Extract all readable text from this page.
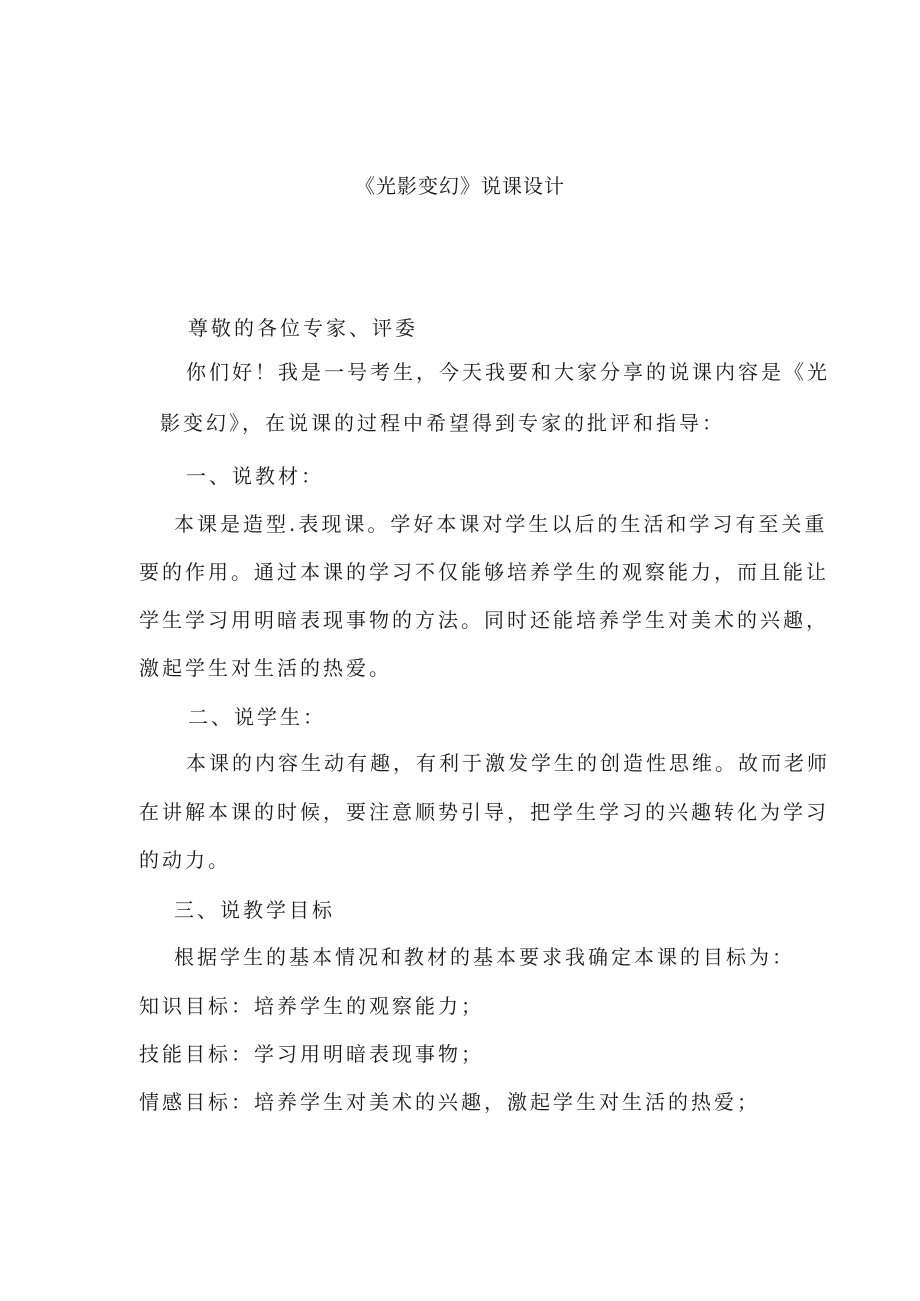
《光影变幻》说课设计
尊敬的各位专家、评委
你们好！我是一号考生，今天我要和大家分享的说课内容是《光
影变幻》，在说课的过程中希望得到专家的批评和指导：
一、说教材：
本课是造型.表现课。学好本课对学生以后的生活和学习有至关重
要的作用。通过本课的学习不仅能够培养学生的观察能力，而且能让
学生学习用明暗表现事物的方法。同时还能培养学生对美术的兴趣，
激起学生对生活的热爱。
二、说学生：
本课的内容生动有趣，有利于激发学生的创造性思维。故而老师
在讲解本课的时候，要注意顺势引导，把学生学习的兴趣转化为学习
的动力。
三、说教学目标
根据学生的基本情况和教材的基本要求我确定本课的目标为：
知识目标：培养学生的观察能力；
技能目标：学习用明暗表现事物；
情感目标：培养学生对美术的兴趣，激起学生对生活的热爱；
